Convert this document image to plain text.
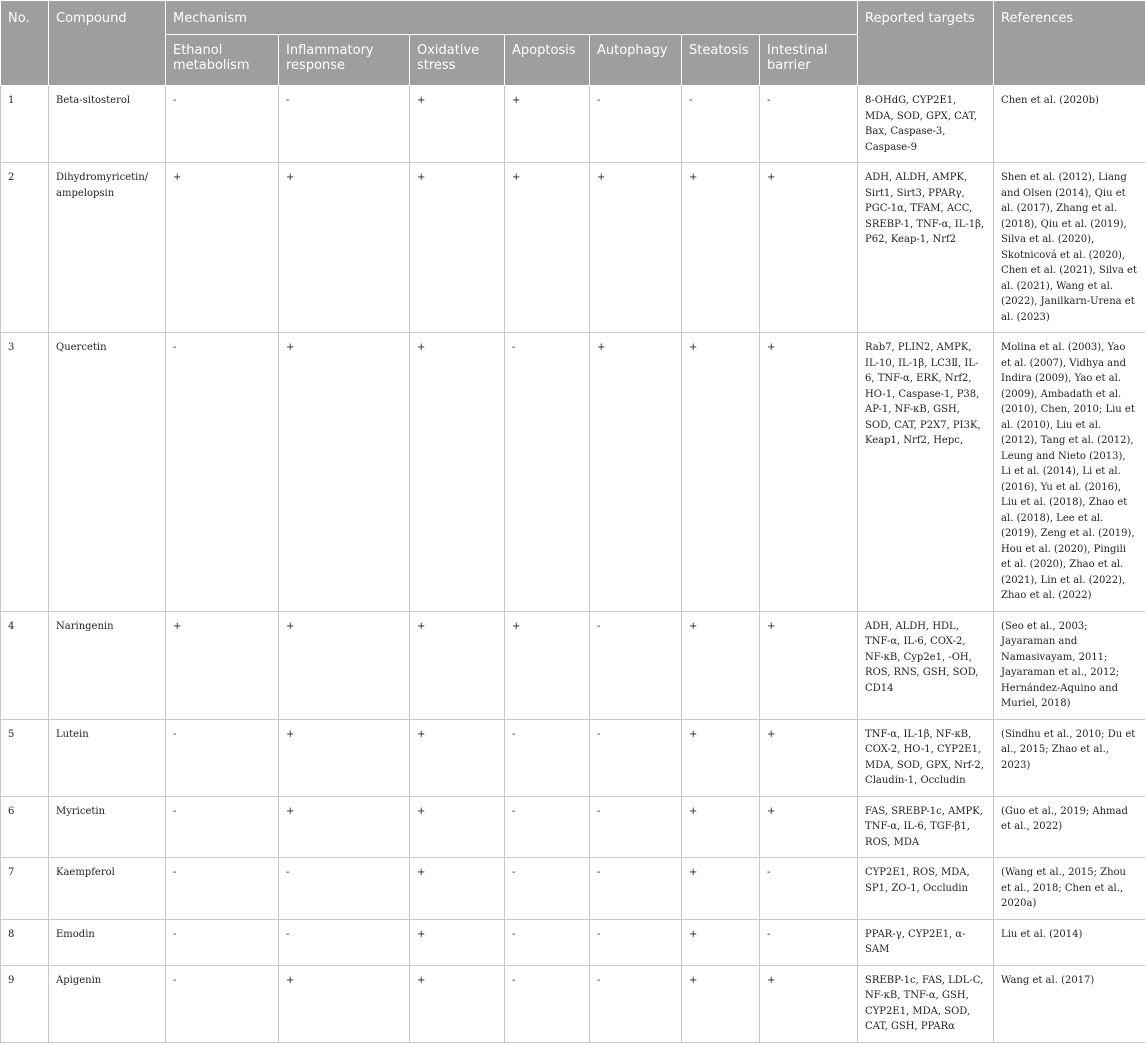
No.	Compound	Mechanism							Reported targets	References
		Ethanol metabolism	Inflammatory response	Oxidative stress	Apoptosis	Autophagy	Steatosis	Intestinal barrier		
1	Beta-sitosterol	-	-	+	+	-	-	-	8-OHdG, CYP2E1, MDA, SOD, GPX, CAT, Bax, Caspase-3, Caspase-9	Chen et al. (2020b)
2	Dihydromyricetin/ ampelopsin	+	+	+	+	+	+	+	ADH, ALDH, AMPK, Sirt1, Sirt3, PPARγ, PGC-1α, TFAM, ACC, SREBP-1, TNF-α, IL-1β, P62, Keap-1, Nrf2	Shen et al. (2012), Liang and Olsen (2014), Qiu et al. (2017), Zhang et al. (2018), Qiu et al. (2019), Silva et al. (2020), Skotnicová et al. (2020), Chen et al. (2021), Silva et al. (2021), Wang et al. (2022), Janilkarn-Urena et al. (2023)
3	Quercetin	-	+	+	-	+	+	+	Rab7, PLIN2, AMPK, IL-10, IL-1β, LC3Ⅱ, IL-6, TNF-α, ERK, Nrf2, HO-1, Caspase-1, P38, AP-1, NF-κB, GSH, SOD, CAT, P2X7, PI3K, Keap1, Nrf2, Hepc,	Molina et al. (2003), Yao et al. (2007), Vidhya and Indira (2009), Yao et al. (2009), Ambadath et al. (2010), Chen, 2010; Liu et al. (2010), Liu et al. (2012), Tang et al. (2012), Leung and Nieto (2013), Li et al. (2014), Li et al. (2016), Yu et al. (2016), Liu et al. (2018), Zhao et al. (2018), Lee et al. (2019), Zeng et al. (2019), Hou et al. (2020), Pingili et al. (2020), Zhao et al. (2021), Lin et al. (2022), Zhao et al. (2022)
4	Naringenin	+	+	+	+	-	+	+	ADH, ALDH, HDL, TNF-α, IL-6, COX-2, NF-κB, Cyp2e1, -OH, ROS, RNS, GSH, SOD, CD14	(Seo et al., 2003; Jayaraman and Namasivayam, 2011; Jayaraman et al., 2012; Hernández-Aquino and Muriel, 2018)
5	Lutein	-	+	+	-	-	+	+	TNF-α, IL-1β, NF-κB, COX-2, HO-1, CYP2E1, MDA, SOD, GPX, Nrf-2, Claudin-1, Occludin	(Sindhu et al., 2010; Du et al., 2015; Zhao et al., 2023)
6	Myricetin	-	+	+	-	-	+	+	FAS, SREBP-1c, AMPK, TNF-α, IL-6, TGF-β1, ROS, MDA	(Guo et al., 2019; Ahmad et al., 2022)
7	Kaempferol	-	-	+	-	-	+	-	CYP2E1, ROS, MDA, SP1, ZO-1, Occludin	(Wang et al., 2015; Zhou et al., 2018; Chen et al., 2020a)
8	Emodin	-	-	+	-	-	+	-	PPAR-γ, CYP2E1, α-SAM	Liu et al. (2014)
9	Apigenin	-	+	+	-	-	+	+	SREBP-1c, FAS, LDL-C, NF-κB, TNF-α, GSH, CYP2E1, MDA, SOD, CAT, GSH, PPARα	Wang et al. (2017)
